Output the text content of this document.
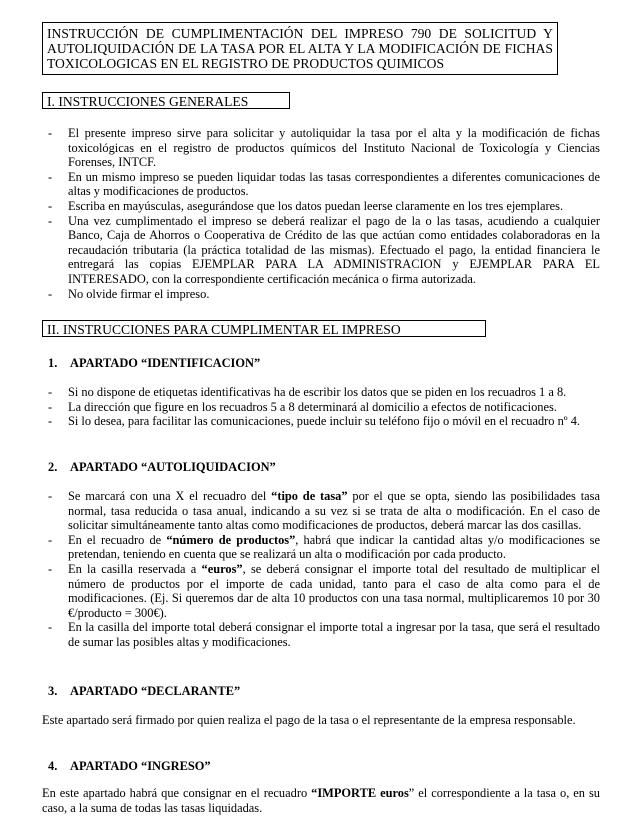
INSTRUCCIÓN DE CUMPLIMENTACIÓN DEL IMPRESO 790 DE SOLICITUD Y AUTOLIQUIDACIÓN DE LA TASA POR EL ALTA Y LA MODIFICACIÓN DE FICHAS TOXICOLOGICAS EN EL REGISTRO DE PRODUCTOS QUIMICOS
I. INSTRUCCIONES GENERALES
- El presente impreso sirve para solicitar y autoliquidar la tasa por el alta y la modificación de fichas toxicológicas en el registro de productos químicos del Instituto Nacional de Toxicología y Ciencias Forenses, INTCF.
- En un mismo impreso se pueden liquidar todas las tasas correspondientes a diferentes comunicaciones de altas y modificaciones de productos.
- Escriba en mayúsculas, asegurándose que los datos puedan leerse claramente en los tres ejemplares.
- Una vez cumplimentado el impreso se deberá realizar el pago de la o las tasas, acudiendo a cualquier Banco, Caja de Ahorros o Cooperativa de Crédito de las que actúan como entidades colaboradoras en la recaudación tributaria (la práctica totalidad de las mismas). Efectuado el pago, la entidad financiera le entregará las copias EJEMPLAR PARA LA ADMINISTRACION y EJEMPLAR PARA EL INTERESADO, con la correspondiente certificación mecánica o firma autorizada.
- No olvide firmar el impreso.
II. INSTRUCCIONES PARA CUMPLIMENTAR EL IMPRESO
1. APARTADO “IDENTIFICACION”
- Si no dispone de etiquetas identificativas ha de escribir los datos que se piden en los recuadros 1 a 8.
- La dirección que figure en los recuadros 5 a 8 determinará al domicilio a efectos de notificaciones.
- Si lo desea, para facilitar las comunicaciones, puede incluir su teléfono fijo o móvil en el recuadro nº 4.
2. APARTADO “AUTOLIQUIDACION”
- Se marcará con una X el recuadro del “tipo de tasa” por el que se opta, siendo las posibilidades tasa normal, tasa reducida o tasa anual, indicando a su vez si se trata de alta o modificación. En el caso de solicitar simultáneamente tanto altas como modificaciones de productos, deberá marcar las dos casillas.
- En el recuadro de “número de productos”, habrá que indicar la cantidad altas y/o modificaciones se pretendan, teniendo en cuenta que se realizará un alta o modificación por cada producto.
- En la casilla reservada a “euros”, se deberá consignar el importe total del resultado de multiplicar el número de productos por el importe de cada unidad, tanto para el caso de alta como para el de modificaciones. (Ej. Si queremos dar de alta 10 productos con una tasa normal, multiplicaremos 10 por 30 €/producto = 300€).
- En la casilla del importe total deberá consignar el importe total a ingresar por la tasa, que será el resultado de sumar las posibles altas y modificaciones.
3. APARTADO “DECLARANTE”
Este apartado será firmado por quien realiza el pago de la tasa o el representante de la empresa responsable.
4. APARTADO “INGRESO”
En este apartado habrá que consignar en el recuadro “IMPORTE euros” el correspondiente a la tasa o, en su caso, a la suma de todas las tasas liquidadas.
